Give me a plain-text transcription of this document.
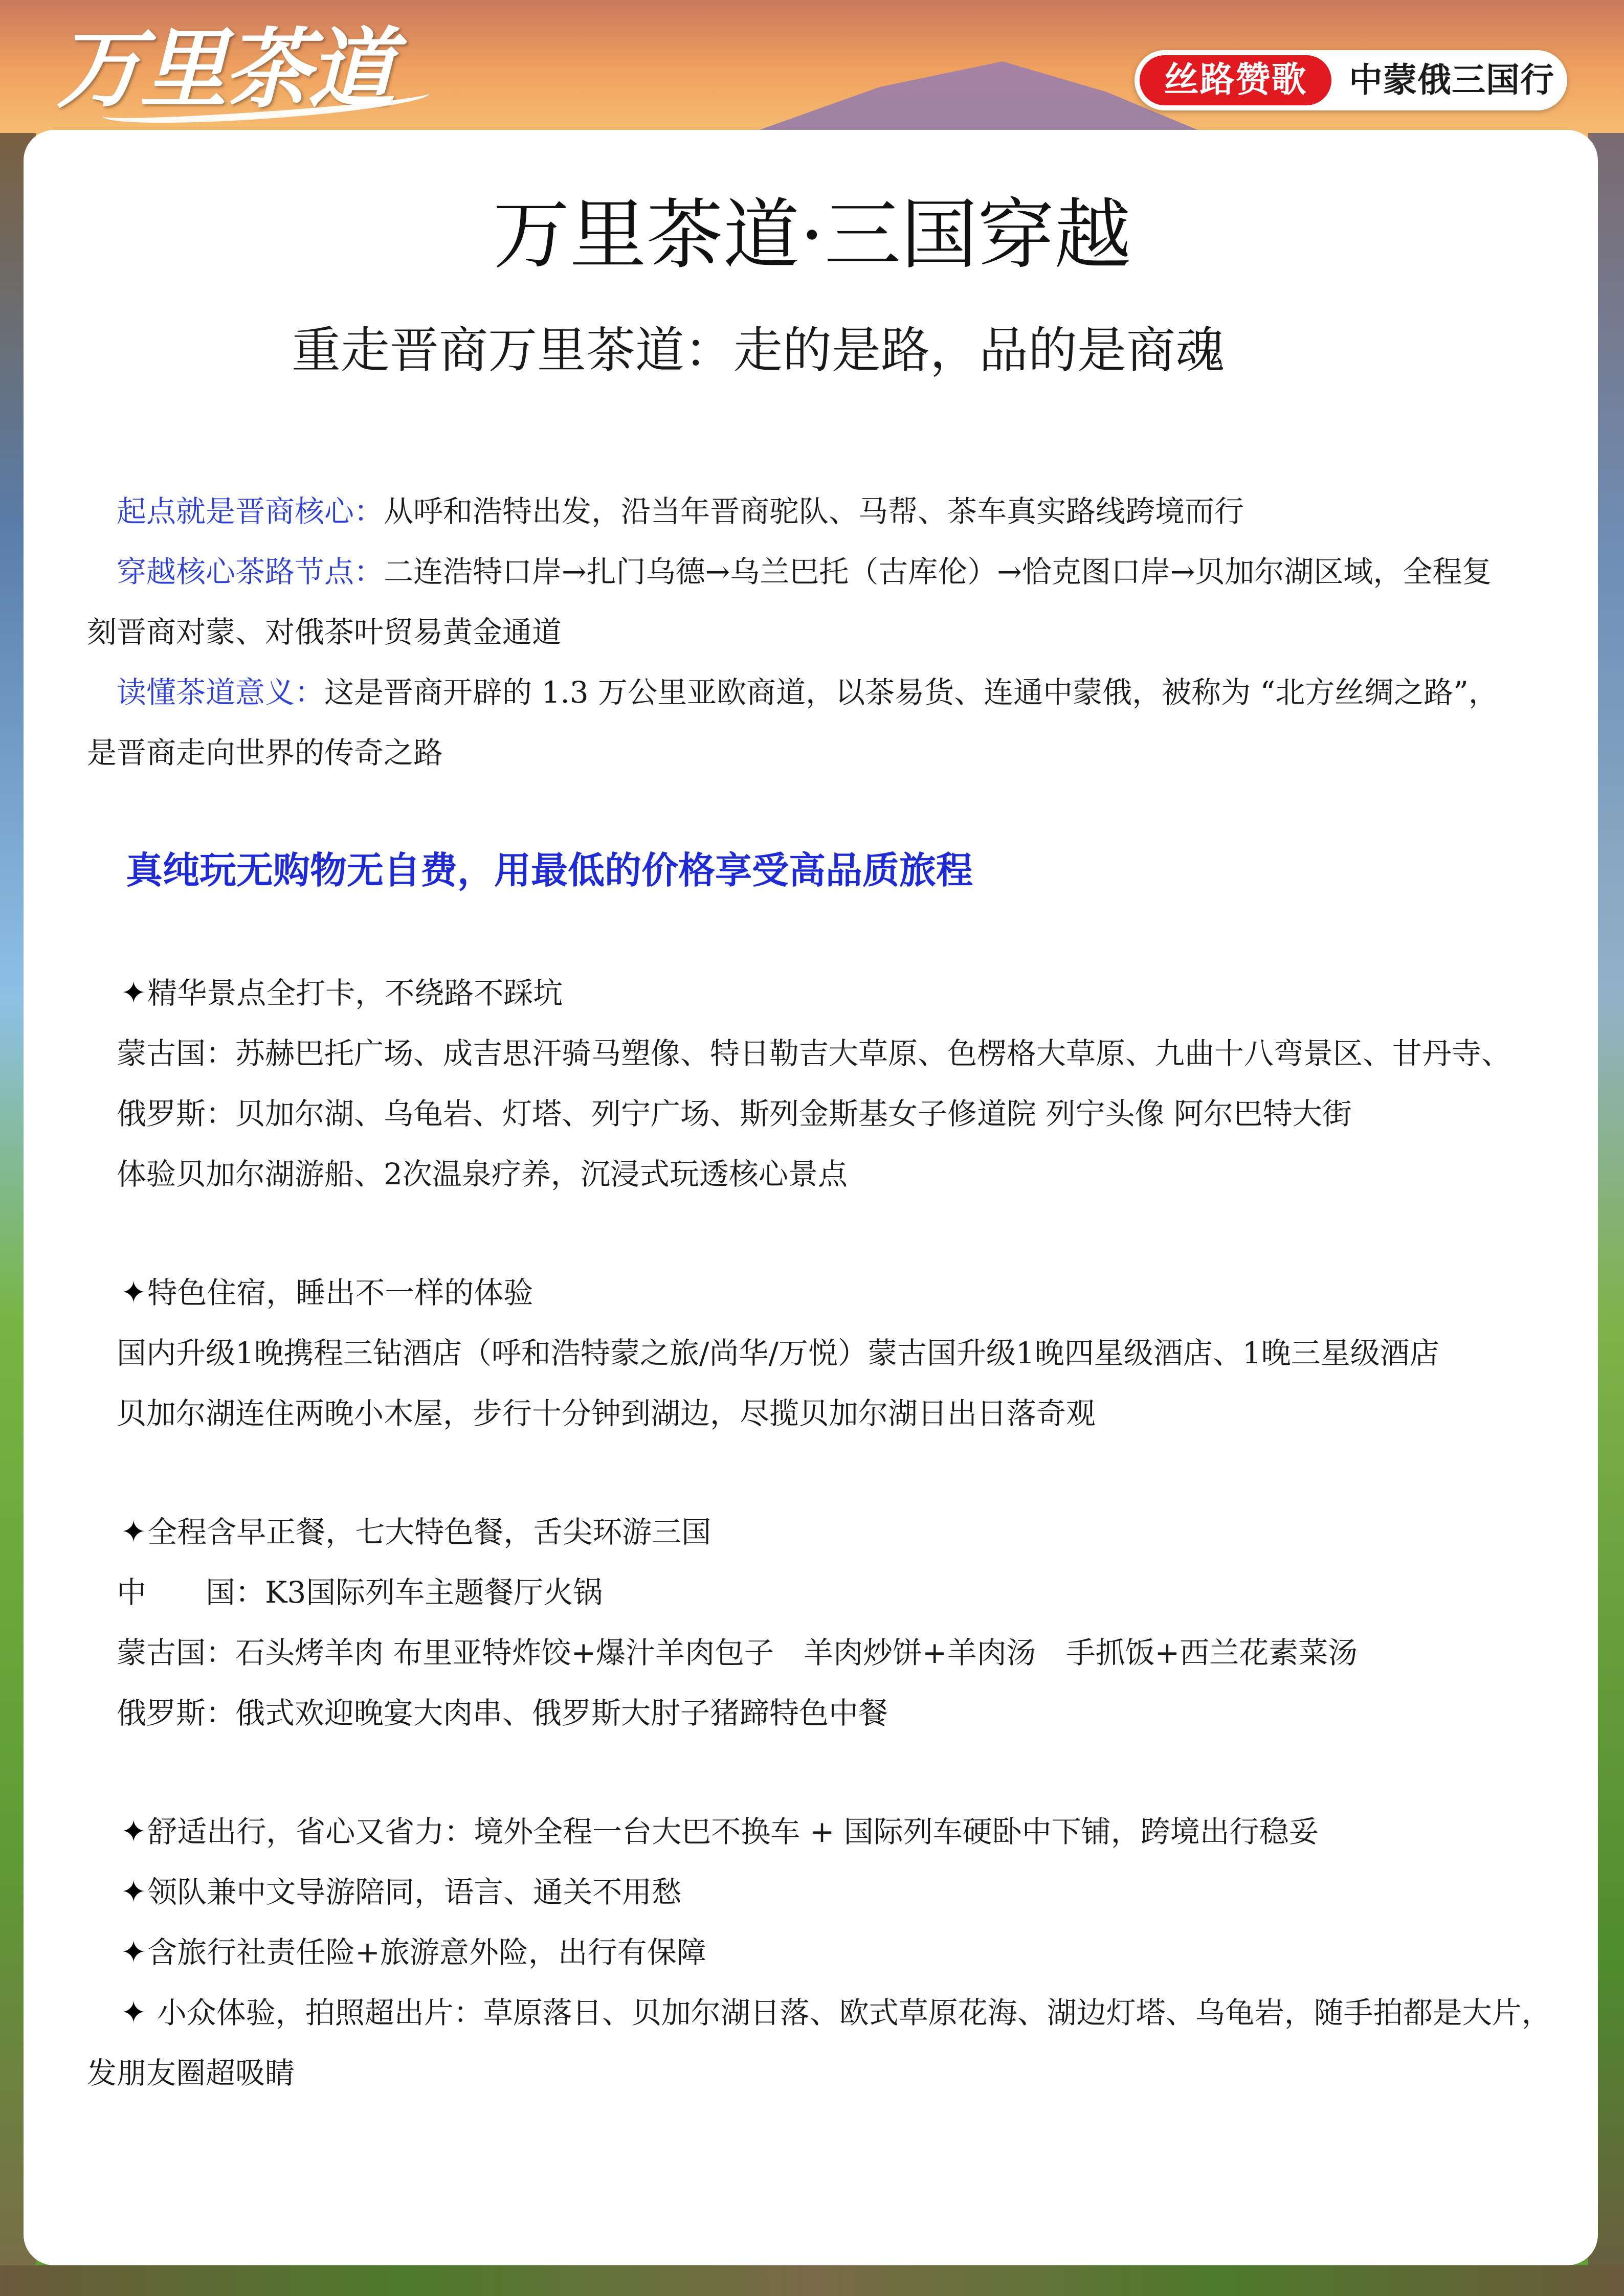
万里茶道	丝路赞歌	中蒙俄三国行
万里茶道·三国穿越
重走晋商万里茶道：走的是路，品的是商魂
起点就是晋商核心：从呼和浩特出发，沿当年晋商驼队、马帮、茶车真实路线跨境而行
穿越核心茶路节点：二连浩特口岸→扎门乌德→乌兰巴托（古库伦）→恰克图口岸→贝加尔湖区域，全程复
刻晋商对蒙、对俄茶叶贸易黄金通道
读懂茶道意义：这是晋商开辟的 1.3 万公里亚欧商道，以茶易货、连通中蒙俄，被称为 “北方丝绸之路”，
是晋商走向世界的传奇之路
真纯玩无购物无自费，用最低的价格享受高品质旅程
✦精华景点全打卡，不绕路不踩坑
蒙古国：苏赫巴托广场、成吉思汗骑马塑像、特日勒吉大草原、色楞格大草原、九曲十八弯景区、甘丹寺、
俄罗斯：贝加尔湖、乌龟岩、灯塔、列宁广场、斯列金斯基女子修道院 列宁头像 阿尔巴特大街
体验贝加尔湖游船、2次温泉疗养，沉浸式玩透核心景点
✦特色住宿，睡出不一样的体验
国内升级1晚携程三钻酒店（呼和浩特蒙之旅/尚华/万悦）蒙古国升级1晚四星级酒店、1晚三星级酒店
贝加尔湖连住两晚小木屋，步行十分钟到湖边，尽揽贝加尔湖日出日落奇观
✦全程含早正餐，七大特色餐，舌尖环游三国
中　　国：K3国际列车主题餐厅火锅
蒙古国：石头烤羊肉 布里亚特炸饺+爆汁羊肉包子　羊肉炒饼+羊肉汤　手抓饭+西兰花素菜汤
俄罗斯：俄式欢迎晚宴大肉串、俄罗斯大肘子猪蹄特色中餐
✦舒适出行，省心又省力：境外全程一台大巴不换车 + 国际列车硬卧中下铺，跨境出行稳妥
✦领队兼中文导游陪同，语言、通关不用愁
✦含旅行社责任险+旅游意外险，出行有保障
✦ 小众体验，拍照超出片：草原落日、贝加尔湖日落、欧式草原花海、湖边灯塔、乌龟岩，随手拍都是大片，
发朋友圈超吸睛
